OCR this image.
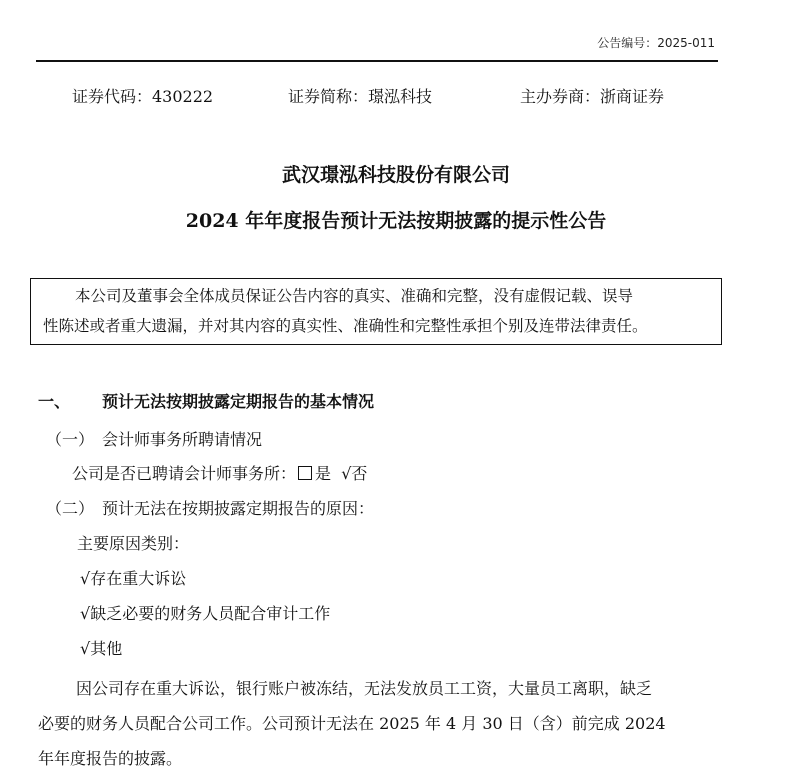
公告编号：2025-011
证券代码：430222	证券简称：璟泓科技	主办券商：浙商证券
武汉璟泓科技股份有限公司
2024 年年度报告预计无法按期披露的提示性公告
本公司及董事会全体成员保证公告内容的真实、准确和完整，没有虚假记载、误导
性陈述或者重大遗漏，并对其内容的真实性、准确性和完整性承担个别及连带法律责任。
一、 预计无法按期披露定期报告的基本情况
（一） 会计师事务所聘请情况
公司是否已聘请会计师事务所： 是 √否
（二） 预计无法在按期披露定期报告的原因：
主要原因类别：
√存在重大诉讼
√缺乏必要的财务人员配合审计工作
√其他
因公司存在重大诉讼，银行账户被冻结，无法发放员工工资，大量员工离职，缺乏
必要的财务人员配合公司工作。公司预计无法在 2025 年 4 月 30 日（含）前完成 2024
年年度报告的披露。
